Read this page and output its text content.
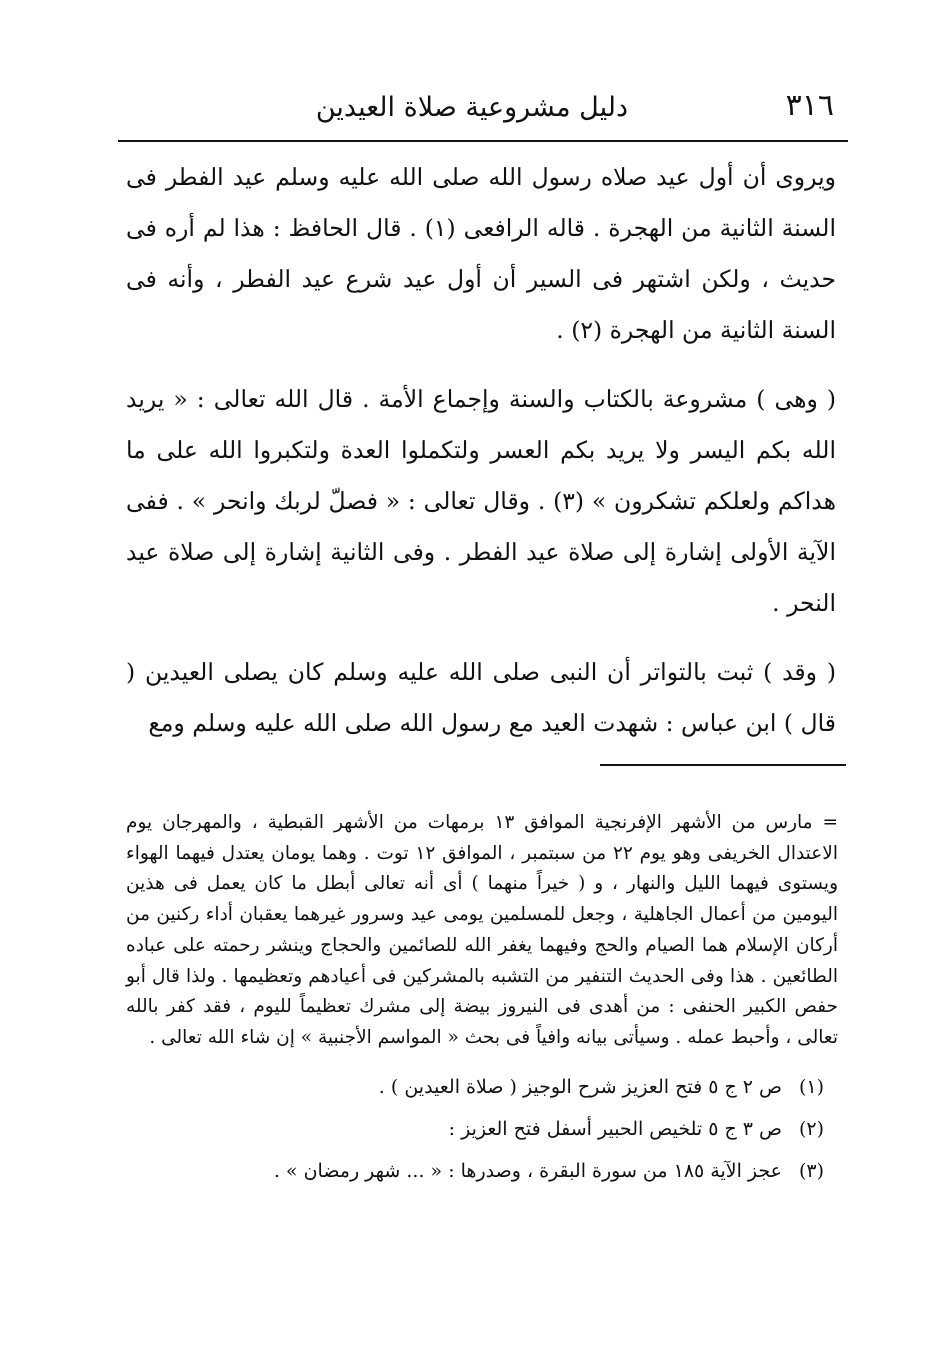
٣١٦
دليل مشروعية صلاة العيدين

ويروى أن أول عيد صلاه رسول الله صلى الله عليه وسلم عيد الفطر فى السنة الثانية من الهجرة . قاله الرافعى (١) . قال الحافظ : هذا لم أره فى حديث ، ولكن اشتهر فى السير أن أول عيد شرع عيد الفطر ، وأنه فى السنة الثانية من الهجرة (٢) .

( وهى ) مشروعة بالكتاب والسنة وإجماع الأمة . قال الله تعالى : « يريد الله بكم اليسر ولا يريد بكم العسر ولتكملوا العدة ولتكبروا الله على ما هداكم ولعلكم تشكرون » (٣) . وقال تعالى : « فصلّ لربك وانحر » . ففى الآية الأولى إشارة إلى صلاة عيد الفطر . وفى الثانية إشارة إلى صلاة عيد النحر .

( وقد ) ثبت بالتواتر أن النبى صلى الله عليه وسلم كان يصلى العيدين ( قال ) ابن عباس : شهدت العيد مع رسول الله صلى الله عليه وسلم ومع

= مارس من الأشهر الإفرنجية الموافق ١٣ برمهات من الأشهر القبطية ، والمهرجان يوم الاعتدال الخريفى وهو يوم ٢٢ من سبتمبر ، الموافق ١٢ توت . وهما يومان يعتدل فيهما الهواء ويستوى فيهما الليل والنهار ، و ( خيراً منهما ) أى أنه تعالى أبطل ما كان يعمل فى هذين اليومين من أعمال الجاهلية ، وجعل للمسلمين يومى عيد وسرور غيرهما يعقبان أداء ركنين من أركان الإسلام هما الصيام والحج وفيهما يغفر الله للصائمين والحجاج وينشر رحمته على عباده الطائعين . هذا وفى الحديث التنفير من التشبه بالمشركين فى أعيادهم وتعظيمها . ولذا قال أبو حفص الكبير الحنفى : من أهدى فى النيروز بيضة إلى مشرك تعظيماً لليوم ، فقد كفر بالله تعالى ، وأحبط عمله . وسيأتى بيانه وافياً فى بحث « المواسم الأجنبية » إن شاء الله تعالى .

(١)
ص ٢ ج ٥ فتح العزيز شرح الوجيز ( صلاة العيدين ) .
(٢)
ص ٣ ج ٥ تلخيص الحبير أسفل فتح العزيز :
(٣)
عجز الآية ١٨٥ من سورة البقرة ، وصدرها : « ... شهر رمضان » .
